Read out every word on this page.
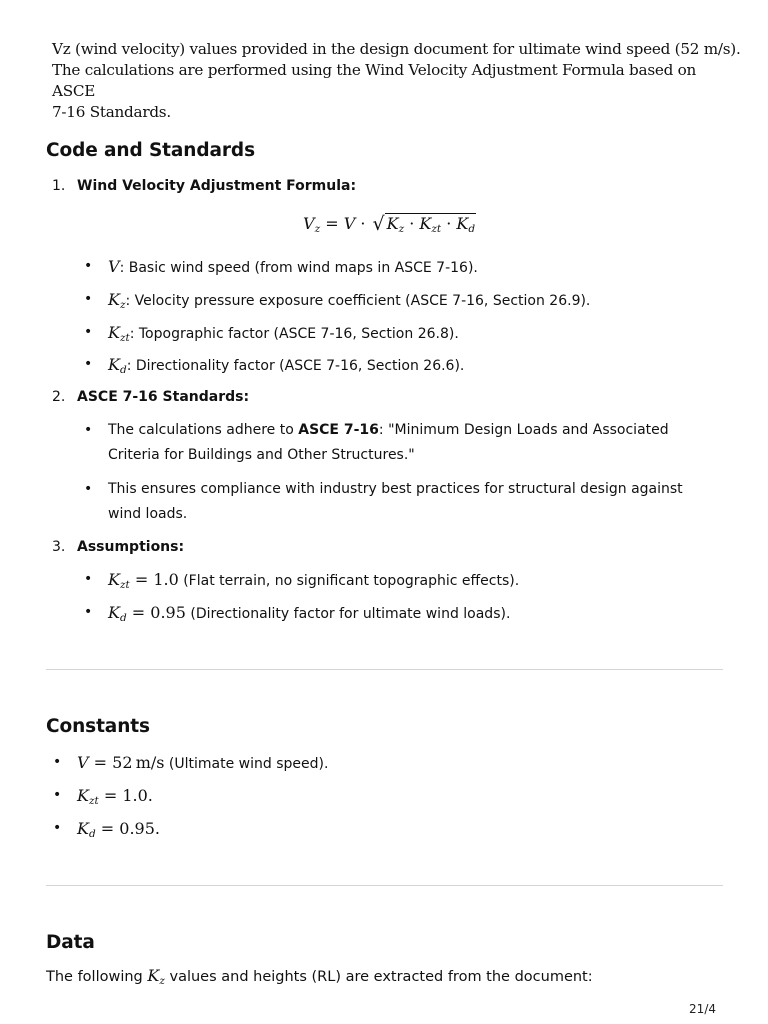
Vz (wind velocity) values provided in the design document for ultimate wind speed (52 m/s).

The calculations are performed using the Wind Velocity Adjustment Formula based on ASCE

7-16 Standards.

Code and Standards
1. Wind Velocity Adjustment Formula:
$V_z = V$ · √ $K_z \cdot K_{zt} \cdot K_d$
• V: Basic wind speed (from wind maps in ASCE 7-16).
• $K_z$: Velocity pressure exposure coefficient (ASCE 7-16, Section 26.9).
• $K_{zt}$: Topographic factor (ASCE 7-16, Section 26.8).
• $K_d$: Directionality factor (ASCE 7-16, Section 26.6).
2. ASCE 7-16 Standards:
• The calculations adhere to ASCE 7-16: "Minimum Design Loads and Associated
Criteria for Buildings and Other Structures."
• This ensures compliance with industry best practices for structural design against
wind loads.
3. Assumptions:
• $K_{zt} = 1.0$ (Flat terrain, no significant topographic effects).
• $K_d = 0.95$ (Directionality factor for ultimate wind loads).
Constants
• V = 52  m/s (Ultimate wind speed).
• $K_{zt} = 1.0$.
• $K_d = 0.95$.
Data
The following $K_z$ values and heights (RL) are extracted from the document:
21/4
